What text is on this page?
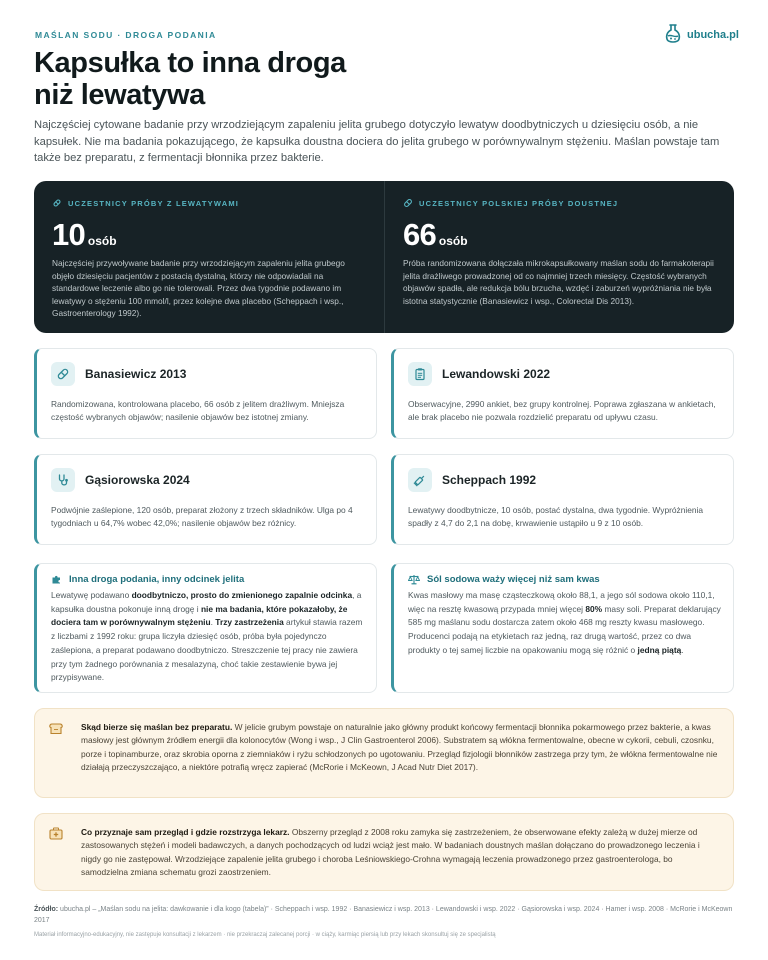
MAŚLAN SODU · DROGA PODANIA	ubucha.pl
Kapsułka to inna droga
niż lewatywa

Najczęściej cytowane badanie przy wrzodziejącym zapaleniu jelita grubego dotyczyło lewatyw doodbytniczych u dziesięciu osób, a nie kapsułek. Nie ma badania pokazującego, że kapsułka doustna dociera do jelita grubego w porównywalnym stężeniu. Maślan powstaje tam także bez preparatu, z fermentacji błonnika przez bakterie.

UCZESTNICY PRÓBY Z LEWATYWAMI
10 osób

Najczęściej przywoływane badanie przy wrzodziejącym zapaleniu jelita grubego objęło dziesięciu pacjentów z postacią dystalną, którzy nie odpowiadali na standardowe leczenie albo go nie tolerowali. Przez dwa tygodnie podawano im lewatywy o stężeniu 100 mmol/l, przez kolejne dwa placebo (Scheppach i wsp., Gastroenterology 1992).

UCZESTNICY POLSKIEJ PRÓBY DOUSTNEJ
66 osób

Próba randomizowana dołączała mikrokapsułkowany maślan sodu do farmakoterapii jelita drażliwego prowadzonej od co najmniej trzech miesięcy. Częstość wybranych objawów spadła, ale redukcja bólu brzucha, wzdęć i zaburzeń wypróżniania nie była istotna statystycznie (Banasiewicz i wsp., Colorectal Dis 2013).

Banasiewicz 2013

Randomizowana, kontrolowana placebo, 66 osób z jelitem drażliwym. Mniejsza częstość wybranych objawów; nasilenie objawów bez istotnej zmiany.

Lewandowski 2022

Obserwacyjne, 2990 ankiet, bez grupy kontrolnej. Poprawa zgłaszana w ankietach, ale brak placebo nie pozwala rozdzielić preparatu od upływu czasu.

Gąsiorowska 2024

Podwójnie zaślepione, 120 osób, preparat złożony z trzech składników. Ulga po 4 tygodniach u 64,7% wobec 42,0%; nasilenie objawów bez różnicy.

Scheppach 1992

Lewatywy doodbytnicze, 10 osób, postać dystalna, dwa tygodnie. Wypróżnienia spadły z 4,7 do 2,1 na dobę, krwawienie ustąpiło u 9 z 10 osób.

Inna droga podania, inny odcinek jelita

Lewatywę podawano doodbytniczo, prosto do zmienionego zapalnie odcinka, a kapsułka doustna pokonuje inną drogę i nie ma badania, które pokazałoby, że dociera tam w porównywalnym stężeniu. Trzy zastrzeżenia artykuł stawia razem z liczbami z 1992 roku: grupa liczyła dziesięć osób, próba była pojedynczo zaślepiona, a preparat podawano doodbytniczo. Streszczenie tej pracy nie zawiera przy tym żadnego porównania z mesalazyną, choć takie zestawienie bywa jej przypisywane.

Sól sodowa waży więcej niż sam kwas

Kwas masłowy ma masę cząsteczkową około 88,1, a jego sól sodowa około 110,1, więc na resztę kwasową przypada mniej więcej 80% masy soli. Preparat deklarujący 585 mg maślanu sodu dostarcza zatem około 468 mg reszty kwasu masłowego. Producenci podają na etykietach raz jedną, raz drugą wartość, przez co dwa produkty o tej samej liczbie na opakowaniu mogą się różnić o jedną piątą.

Skąd bierze się maślan bez preparatu. W jelicie grubym powstaje on naturalnie jako główny produkt końcowy fermentacji błonnika pokarmowego przez bakterie, a kwas masłowy jest głównym źródłem energii dla kolonocytów (Wong i wsp., J Clin Gastroenterol 2006). Substratem są włókna fermentowalne, obecne w cykorii, cebuli, czosnku, porze i topinamburze, oraz skrobia oporna z ziemniaków i ryżu schłodzonych po ugotowaniu. Przegląd fizjologii błonników zastrzega przy tym, że włókna fermentowalne nie działają przeczyszczająco, a niektóre potrafią wręcz zapierać (McRorie i McKeown, J Acad Nutr Diet 2017).

Co przyznaje sam przegląd i gdzie rozstrzyga lekarz. Obszerny przegląd z 2008 roku zamyka się zastrzeżeniem, że obserwowane efekty zależą w dużej mierze od zastosowanych stężeń i modeli badawczych, a danych pochodzących od ludzi wciąż jest mało. W badaniach doustnych maślan dołączano do prowadzonego leczenia i nigdy go nie zastępował. Wrzodziejące zapalenie jelita grubego i choroba Leśniowskiego-Crohna wymagają leczenia prowadzonego przez gastroenterologa, bo samodzielna zmiana schematu grozi zaostrzeniem.

Źródło: ubucha.pl – „Maślan sodu na jelita: dawkowanie i dla kogo (tabela)” · Scheppach i wsp. 1992 · Banasiewicz i wsp. 2013 · Lewandowski i wsp. 2022 · Gąsiorowska i wsp. 2024 · Hamer i wsp. 2008 · McRorie i McKeown 2017

Materiał informacyjno-edukacyjny, nie zastępuje konsultacji z lekarzem · nie przekraczaj zalecanej porcji · w ciąży, karmiąc piersią lub przy lekach skonsultuj się ze specjalistą
